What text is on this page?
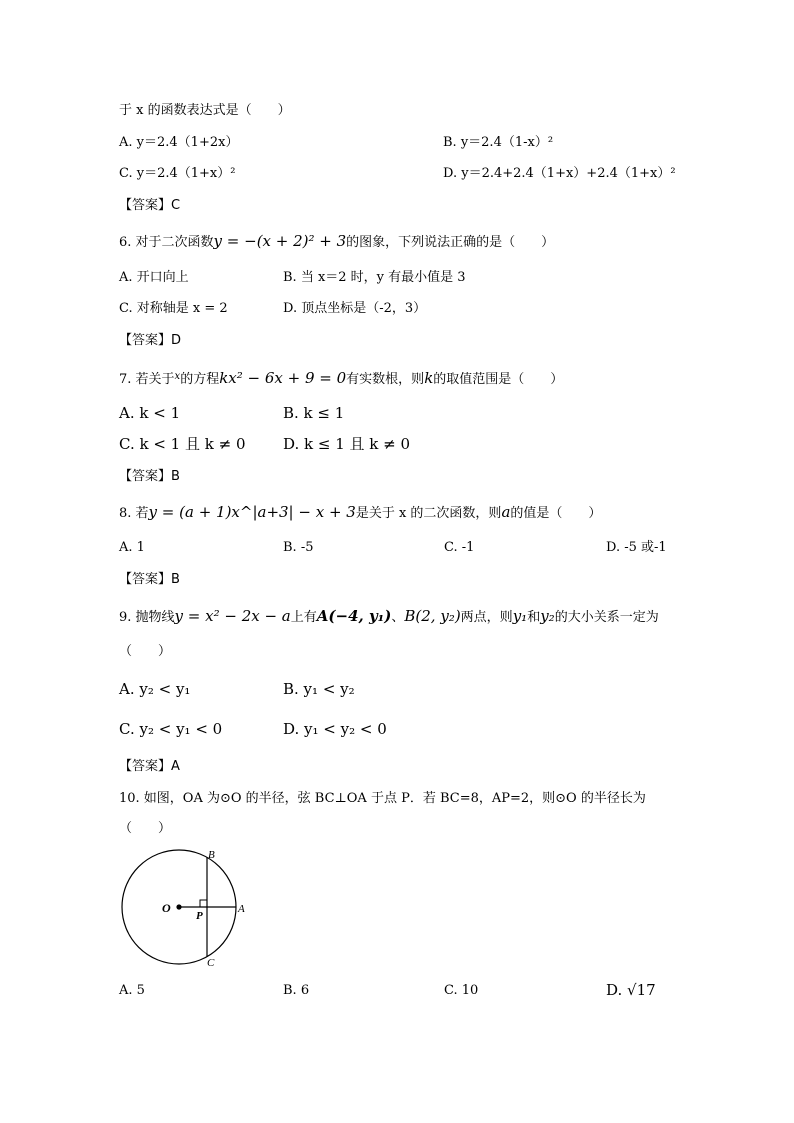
于 x 的函数表达式是（　　）
A. y＝2.4（1+2x）	B. y＝2.4（1-x）²
C. y＝2.4（1+x）²	D. y＝2.4+2.4（1+x）+2.4（1+x）²
【答案】C
6. 对于二次函数y = −(x + 2)² + 3的图象，下列说法正确的是（　　）
A. 开口向上	B. 当 x＝2 时，y 有最小值是 3
C. 对称轴是 x = 2	D. 顶点坐标是（-2，3）
【答案】D
7. 若关于$^x$的方程kx² − 6x + 9 = 0有实数根，则k的取值范围是（　　）
A. k < 1	B. k ≤ 1
C. k < 1 且 k ≠ 0	D. k ≤ 1 且 k ≠ 0
【答案】B
8. 若y = (a + 1)x^|a+3| − x + 3是关于 x 的二次函数，则a的值是（　　）
A. 1	B. -5	C. -1	D. -5 或-1
【答案】B
9. 抛物线y = x² − 2x − a上有A(−4, y₁)、B(2, y₂)两点，则y₁和y₂的大小关系一定为
（　　）
A. y₂ < y₁	B. y₁ < y₂
C. y₂ < y₁ < 0	D. y₁ < y₂ < 0
【答案】A
10. 如图，OA 为⊙O 的半径，弦 BC⊥OA 于点 P．若 BC=8，AP=2，则⊙O 的半径长为
（　　）
O
P
A
B
C
A. 5	B. 6	C. 10	D. √17
